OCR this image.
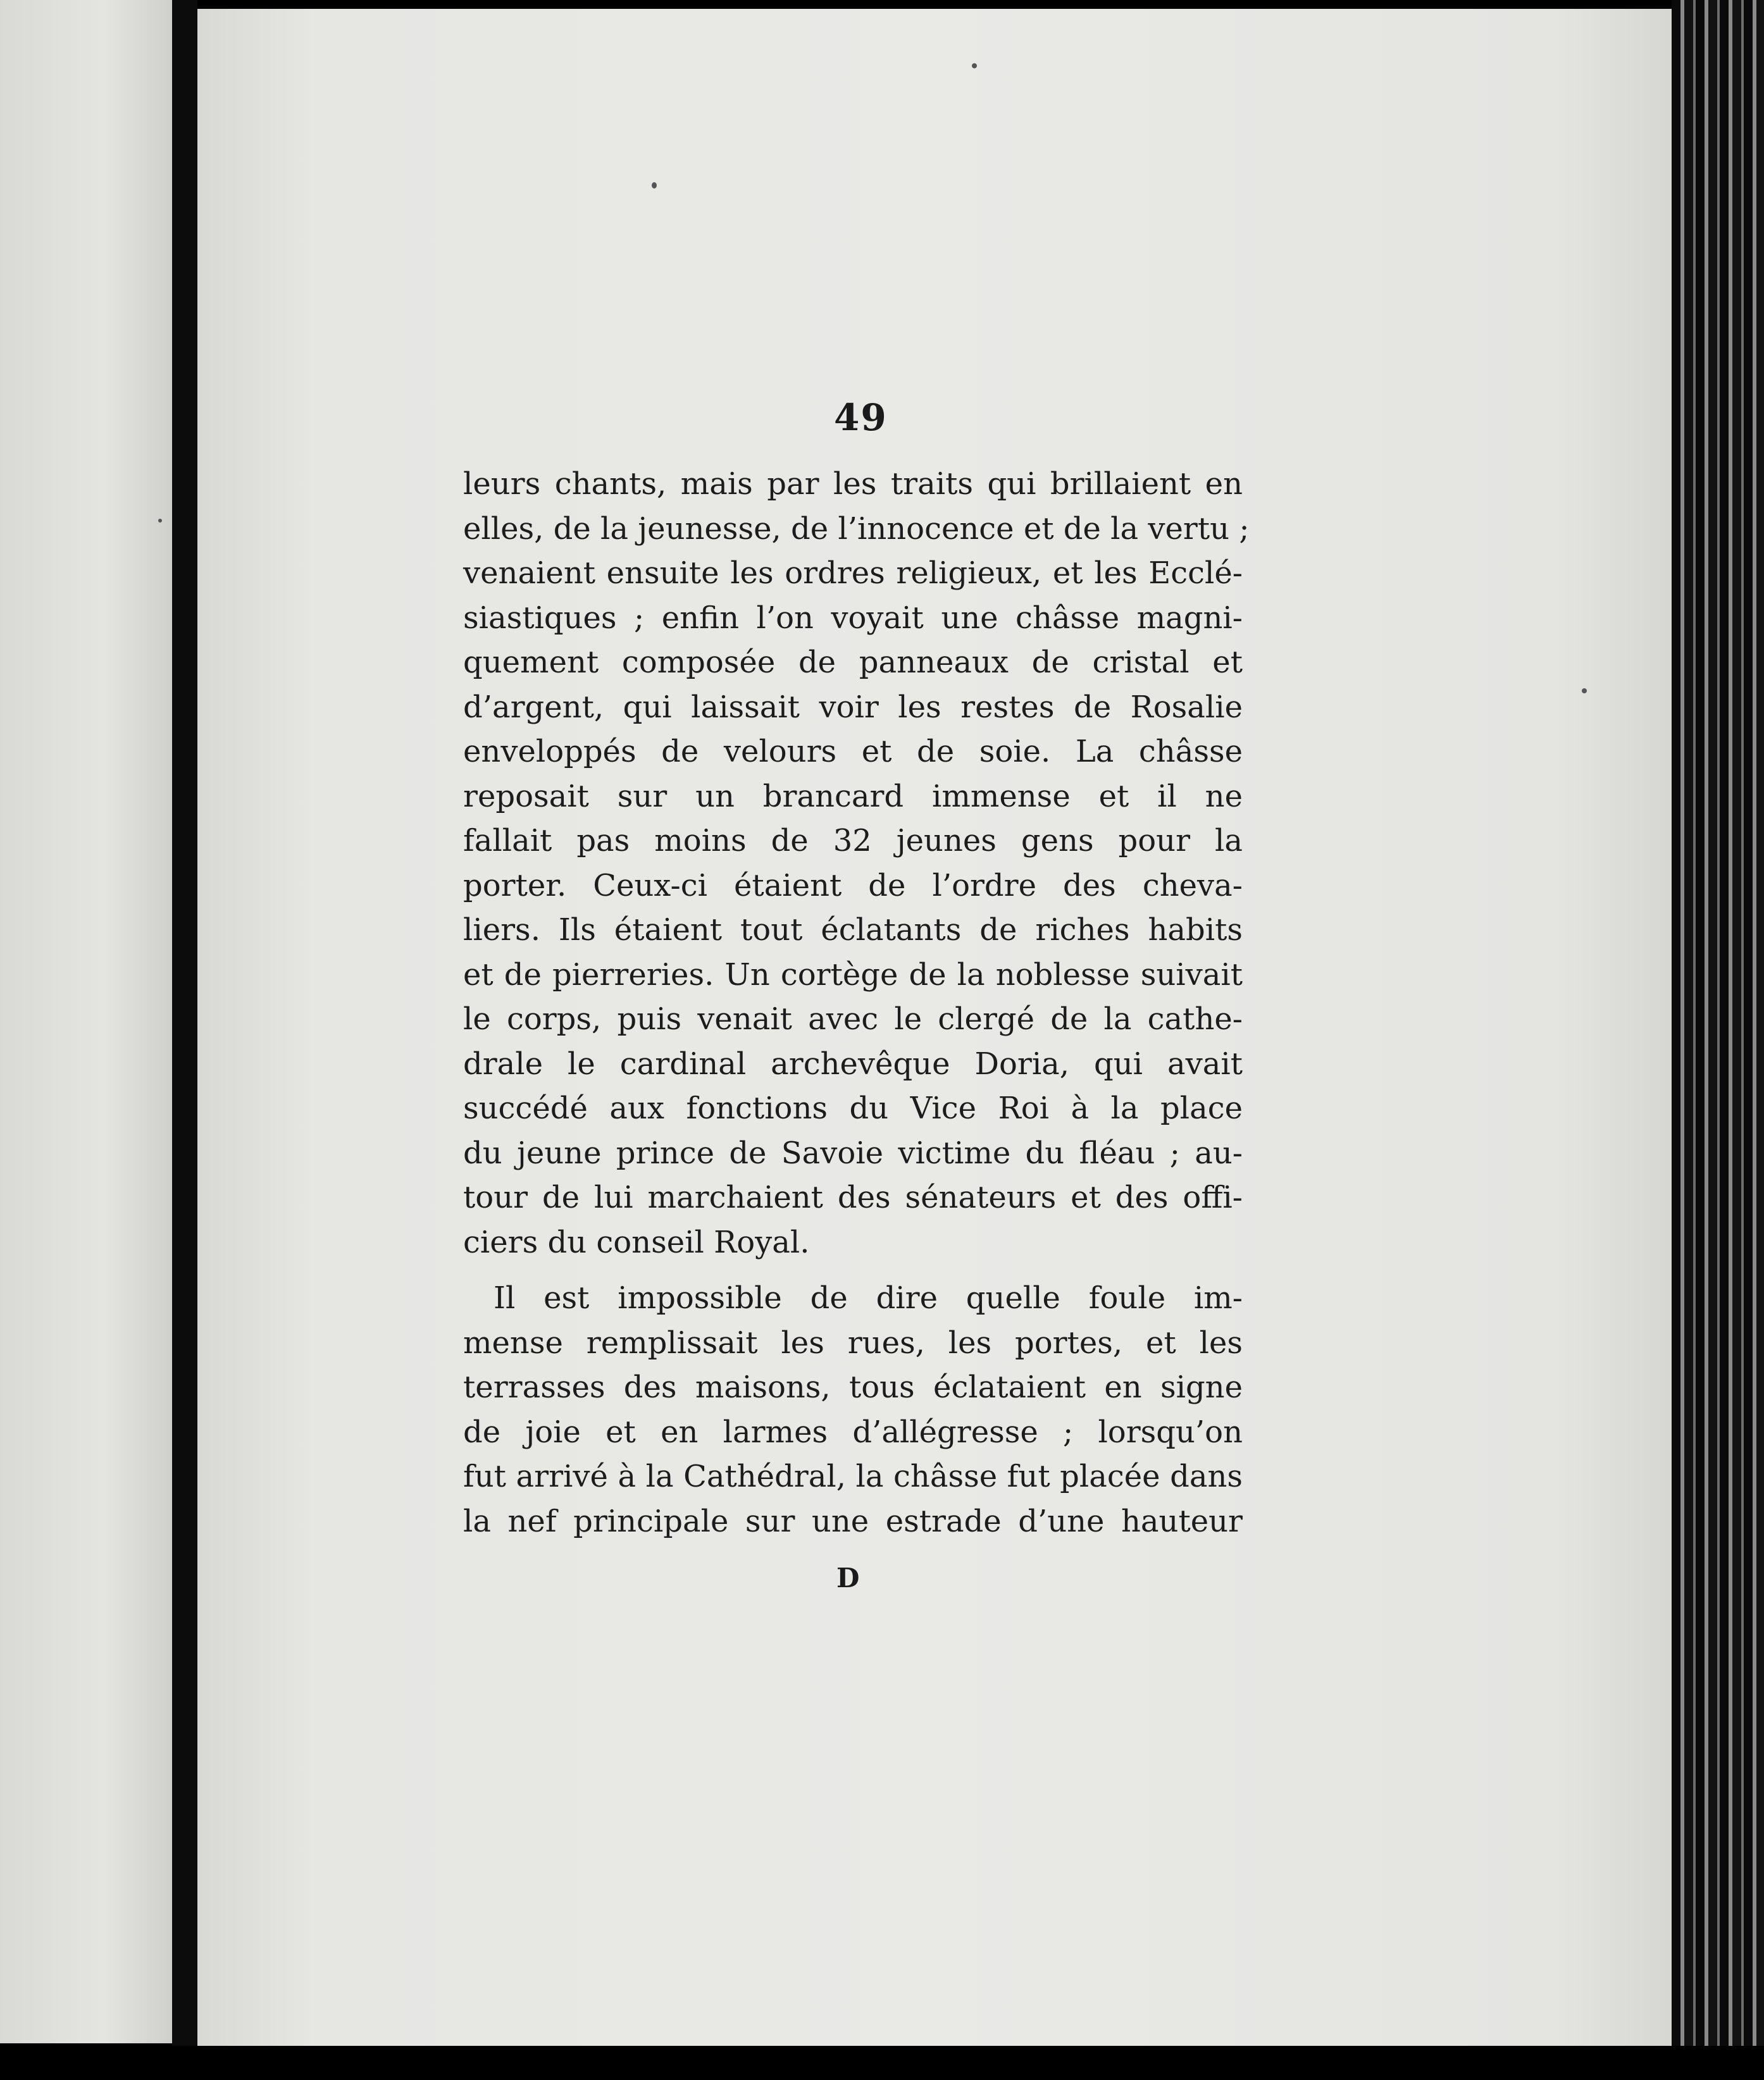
49
leurs chants, mais par les traits qui brillaient en
elles, de la jeunesse, de l’innocence et de la vertu ;
venaient ensuite les ordres religieux, et les Ecclé-
siastiques ; enfin l’on voyait une châsse magni-
quement composée de panneaux de cristal et
d’argent, qui laissait voir les restes de Rosalie
enveloppés de velours et de soie. La châsse
reposait sur un brancard immense et il ne
fallait pas moins de 32 jeunes gens pour la
porter. Ceux-ci étaient de l’ordre des cheva-
liers. Ils étaient tout éclatants de riches habits
et de pierreries. Un cortège de la noblesse suivait
le corps, puis venait avec le clergé de la cathe-
drale le cardinal archevêque Doria, qui avait
succédé aux fonctions du Vice Roi à la place
du jeune prince de Savoie victime du fléau ; au-
tour de lui marchaient des sénateurs et des offi-
ciers du conseil Royal.
Il est impossible de dire quelle foule im-
mense remplissait les rues, les portes, et les
terrasses des maisons, tous éclataient en signe
de joie et en larmes d’allégresse ; lorsqu’on
fut arrivé à la Cathédral, la châsse fut placée dans
la nef principale sur une estrade d’une hauteur
D
